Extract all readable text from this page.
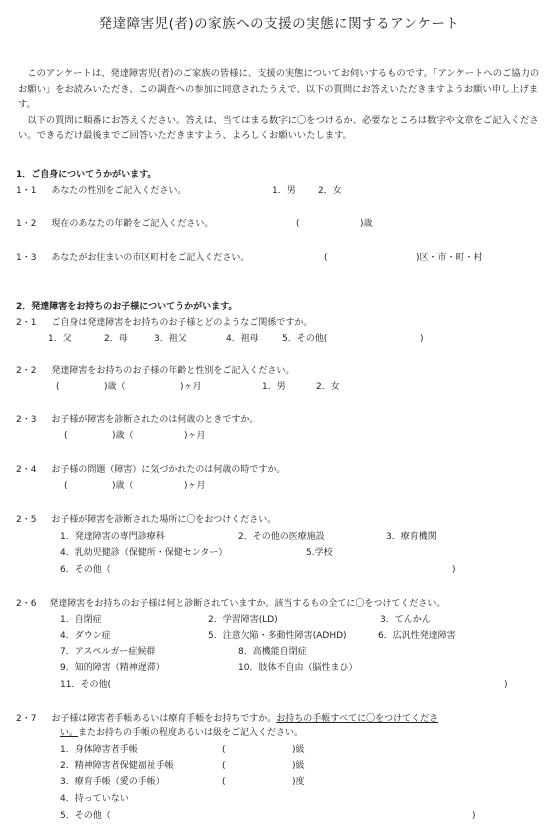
発達障害児(者)の家族への支援の実態に関するアンケート

このアンケートは、発達障害児(者)のご家族の皆様に、支援の実態についてお伺いするものです。「アンケートへのご協力のお願い」をお読みいただき、この調査への参加に同意されたうえで、以下の質問にお答えいただきますようお願い申し上げます。

以下の質問に順番にお答えください。答えは、当てはまる数字に〇をつけるか、必要なところは数字や文章をご記入ください。できるだけ最後までご回答いただきますよう、よろしくお願いいたします。

1．ご自身についてうかがいます。
1・1 あなたの性別をご記入ください。	1．男 2．女
1・2 現在のあなたの年齢をご記入ください。	(	)歳
1・3 あなたがお住まいの市区町村をご記入ください。	(	)区・市・町・村
2．発達障害をお持ちのお子様についてうかがいます。
2・1 ご自身は発達障害をお持ちのお子様とどのようなご関係ですか。
1．父	2．母	3．祖父	4．祖母	5．その他(	)
2・2 発達障害をお持ちのお子様の年齢と性別をご記入ください。
(	)歳（	)ヶ月	1．男	2．女
2・3 お子様が障害を診断されたのは何歳のときですか。
(	)歳（	)ヶ月
2・4 お子様の問題（障害）に気づかれたのは何歳の時ですか。
(	)歳（	)ヶ月
2・5 お子様が障害を診断された場所に〇をおつけください。
1．発達障害の専門診療科	2．その他の医療施設	3．療育機関
4．乳幼児健診（保健所・保健センター）	5.学校
6．その他（	)
2・6 発達障害をお持ちのお子様は何と診断されていますか。該当するもの全てに〇をつけてください。
1．自閉症	2．学習障害(LD)	3．てんかん
4．ダウン症	5．注意欠陥・多動性障害(ADHD)	6．広汎性発達障害
7．アスペルガー症候群	8．高機能自閉症
9．知的障害（精神遅滞）	10．肢体不自由（脳性まひ）
11．その他(	)
2・7 お子様は障害者手帳あるいは療育手帳をお持ちですか。お持ちの手帳すべてに〇をつけてくださ
い。またお持ちの手帳の程度あるいは級をご記入ください。
1．身体障害者手帳	(	)級
2．精神障害者保健福祉手帳	(	)級
3．療育手帳（愛の手帳）	(	)度
4．持っていない
5．その他（	)
